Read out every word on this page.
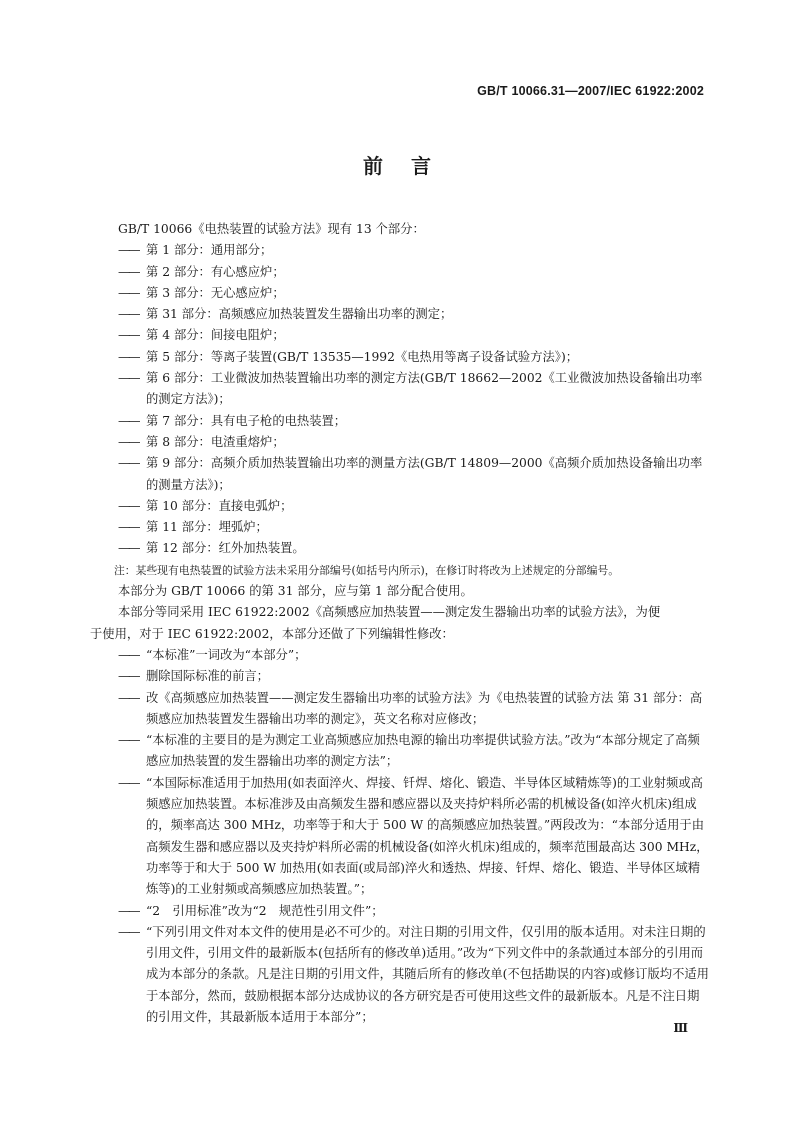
GB/T 10066.31—2007/IEC 61922:2002
前言
GB/T 10066《电热装置的试验方法》现有 13 个部分：
—— 第 1 部分：通用部分；
—— 第 2 部分：有心感应炉；
—— 第 3 部分：无心感应炉；
—— 第 31 部分：高频感应加热装置发生器输出功率的测定；
—— 第 4 部分：间接电阻炉；
—— 第 5 部分：等离子装置(GB/T 13535—1992《电热用等离子设备试验方法》)；
—— 第 6 部分：工业微波加热装置输出功率的测定方法(GB/T 18662—2002《工业微波加热设备输出功率的测定方法》)；
—— 第 7 部分：具有电子枪的电热装置；
—— 第 8 部分：电渣重熔炉；
—— 第 9 部分：高频介质加热装置输出功率的测量方法(GB/T 14809—2000《高频介质加热设备输出功率的测量方法》)；
—— 第 10 部分：直接电弧炉；
—— 第 11 部分：埋弧炉；
—— 第 12 部分：红外加热装置。
注：某些现有电热装置的试验方法未采用分部编号(如括号内所示)，在修订时将改为上述规定的分部编号。
本部分为 GB/T 10066 的第 31 部分，应与第 1 部分配合使用。
本部分等同采用 IEC 61922:2002《高频感应加热装置——测定发生器输出功率的试验方法》，为便
于使用，对于 IEC 61922:2002，本部分还做了下列编辑性修改：
—— “本标准”一词改为“本部分”；
—— 删除国际标准的前言；
—— 改《高频感应加热装置——测定发生器输出功率的试验方法》为《电热装置的试验方法 第 31 部分：高频感应加热装置发生器输出功率的测定》，英文名称对应修改；
—— “本标准的主要目的是为测定工业高频感应加热电源的输出功率提供试验方法。”改为“本部分规定了高频感应加热装置的发生器输出功率的测定方法”；
—— “本国际标准适用于加热用(如表面淬火、焊接、钎焊、熔化、锻造、半导体区域精炼等)的工业射频或高频感应加热装置。本标准涉及由高频发生器和感应器以及夹持炉料所必需的机械设备(如淬火机床)组成的，频率高达 300 MHz，功率等于和大于 500 W 的高频感应加热装置。”两段改为：“本部分适用于由高频发生器和感应器以及夹持炉料所必需的机械设备(如淬火机床)组成的，频率范围最高达 300 MHz，功率等于和大于 500 W 加热用(如表面(或局部)淬火和透热、焊接、钎焊、熔化、锻造、半导体区域精炼等)的工业射频或高频感应加热装置。”；
—— “2　引用标准”改为“2　规范性引用文件”；
—— “下列引用文件对本文件的使用是必不可少的。对注日期的引用文件，仅引用的版本适用。对未注日期的引用文件，引用文件的最新版本(包括所有的修改单)适用。”改为“下列文件中的条款通过本部分的引用而成为本部分的条款。凡是注日期的引用文件，其随后所有的修改单(不包括勘误的内容)或修订版均不适用于本部分，然而，鼓励根据本部分达成协议的各方研究是否可使用这些文件的最新版本。凡是不注日期的引用文件，其最新版本适用于本部分”；
Ⅲ
